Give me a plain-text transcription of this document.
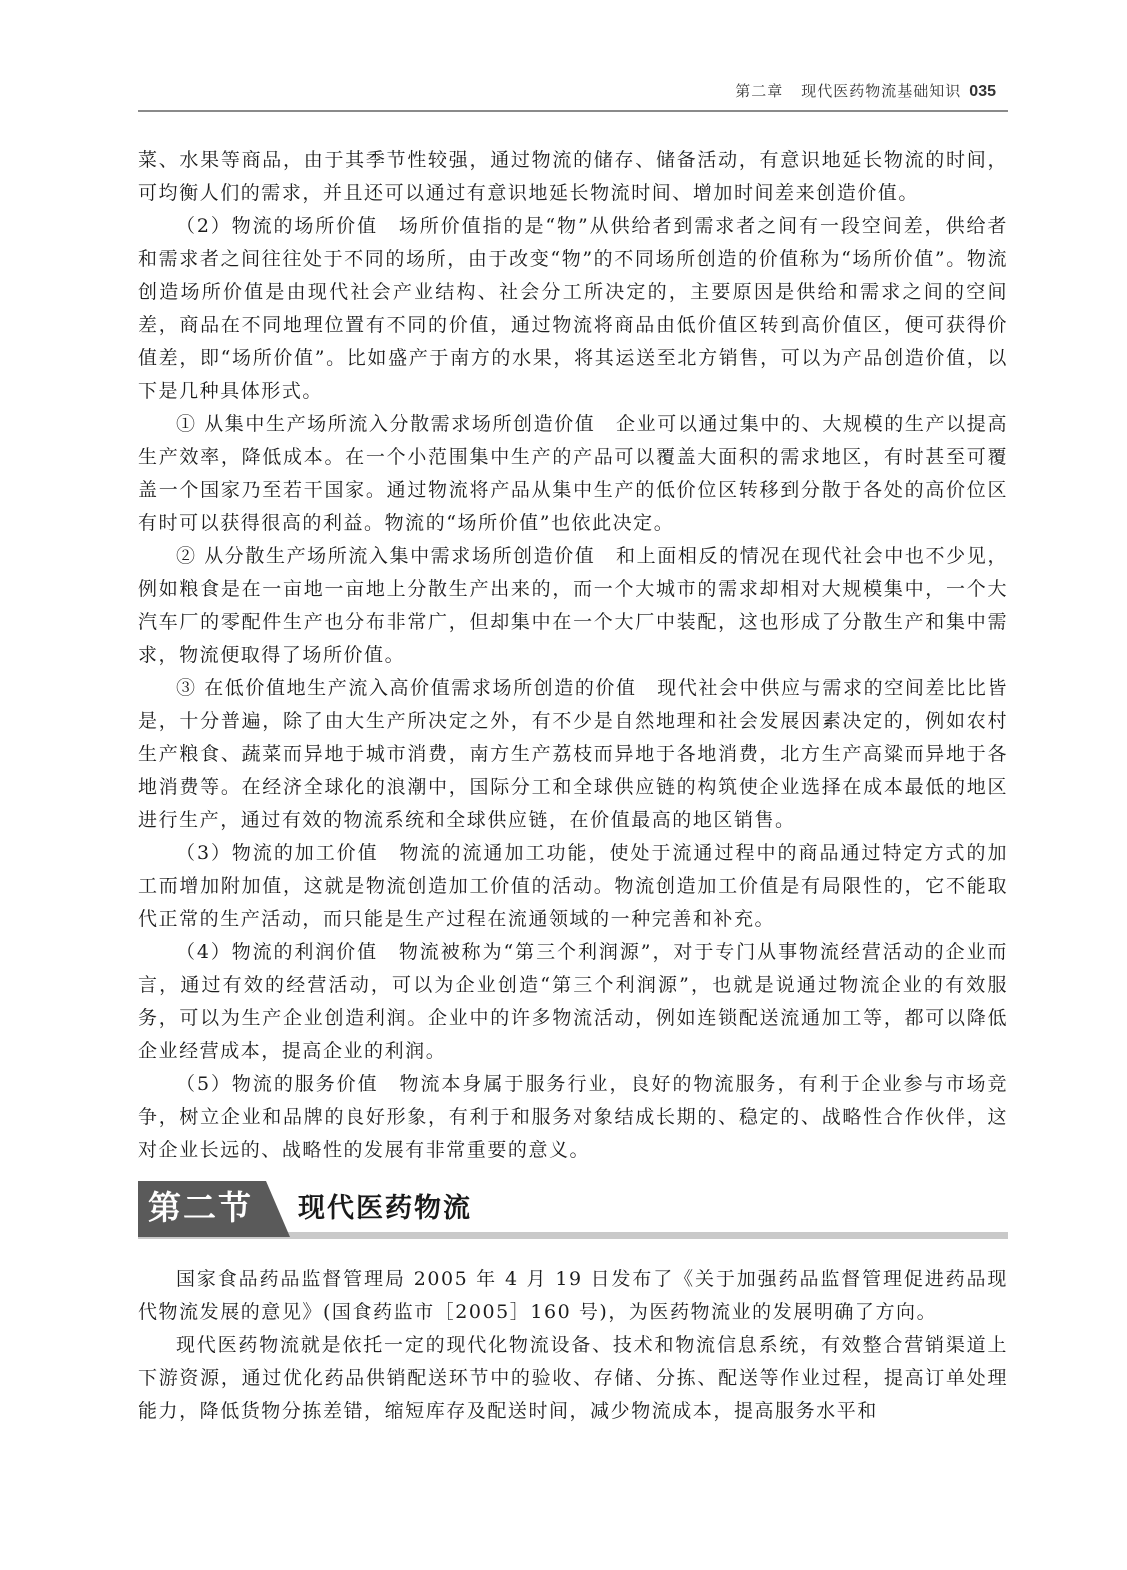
第二章 现代医药物流基础知识 035

菜、水果等商品，由于其季节性较强，通过物流的储存、储备活动，有意识地延长物流的时间，可均衡人们的需求，并且还可以通过有意识地延长物流时间、增加时间差来创造价值。

（2）物流的场所价值　场所价值指的是“物”从供给者到需求者之间有一段空间差，供给者和需求者之间往往处于不同的场所，由于改变“物”的不同场所创造的价值称为“场所价值”。物流创造场所价值是由现代社会产业结构、社会分工所决定的，主要原因是供给和需求之间的空间差，商品在不同地理位置有不同的价值，通过物流将商品由低价值区转到高价值区，便可获得价值差，即“场所价值”。比如盛产于南方的水果，将其运送至北方销售，可以为产品创造价值，以下是几种具体形式。

① 从集中生产场所流入分散需求场所创造价值　企业可以通过集中的、大规模的生产以提高生产效率，降低成本。在一个小范围集中生产的产品可以覆盖大面积的需求地区，有时甚至可覆盖一个国家乃至若干国家。通过物流将产品从集中生产的低价位区转移到分散于各处的高价位区有时可以获得很高的利益。物流的“场所价值”也依此决定。

② 从分散生产场所流入集中需求场所创造价值　和上面相反的情况在现代社会中也不少见，例如粮食是在一亩地一亩地上分散生产出来的，而一个大城市的需求却相对大规模集中，一个大汽车厂的零配件生产也分布非常广，但却集中在一个大厂中装配，这也形成了分散生产和集中需求，物流便取得了场所价值。

③ 在低价值地生产流入高价值需求场所创造的价值　现代社会中供应与需求的空间差比比皆是，十分普遍，除了由大生产所决定之外，有不少是自然地理和社会发展因素决定的，例如农村生产粮食、蔬菜而异地于城市消费，南方生产荔枝而异地于各地消费，北方生产高粱而异地于各地消费等。在经济全球化的浪潮中，国际分工和全球供应链的构筑使企业选择在成本最低的地区进行生产，通过有效的物流系统和全球供应链，在价值最高的地区销售。

（3）物流的加工价值　物流的流通加工功能，使处于流通过程中的商品通过特定方式的加工而增加附加值，这就是物流创造加工价值的活动。物流创造加工价值是有局限性的，它不能取代正常的生产活动，而只能是生产过程在流通领域的一种完善和补充。

（4）物流的利润价值　物流被称为“第三个利润源”，对于专门从事物流经营活动的企业而言，通过有效的经营活动，可以为企业创造“第三个利润源”，也就是说通过物流企业的有效服务，可以为生产企业创造利润。企业中的许多物流活动，例如连锁配送流通加工等，都可以降低企业经营成本，提高企业的利润。

（5）物流的服务价值　物流本身属于服务行业，良好的物流服务，有利于企业参与市场竞争，树立企业和品牌的良好形象，有利于和服务对象结成长期的、稳定的、战略性合作伙伴，这对企业长远的、战略性的发展有非常重要的意义。

第二节 现代医药物流

国家食品药品监督管理局 2005 年 4 月 19 日发布了《关于加强药品监督管理促进药品现代物流发展的意见》(国食药监市［2005］160 号)，为医药物流业的发展明确了方向。

现代医药物流就是依托一定的现代化物流设备、技术和物流信息系统，有效整合营销渠道上下游资源，通过优化药品供销配送环节中的验收、存储、分拣、配送等作业过程，提高订单处理能力，降低货物分拣差错，缩短库存及配送时间，减少物流成本，提高服务水平和
